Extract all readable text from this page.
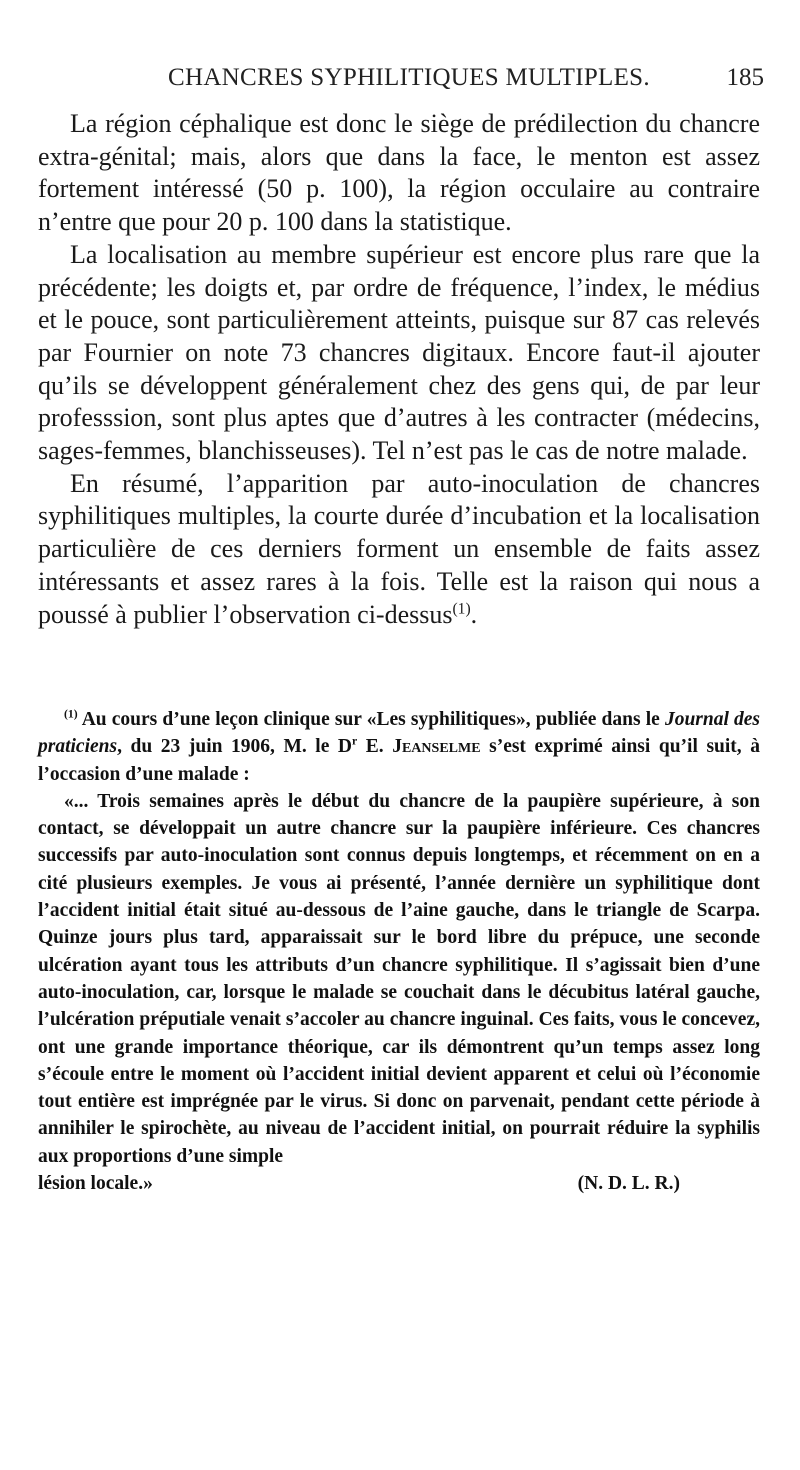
CHANCRES SYPHILITIQUES MULTIPLES.	185

La région céphalique est donc le siège de prédilection du chancre extra-génital; mais, alors que dans la face, le menton est assez fortement intéressé (50 p. 100), la région occulaire au contraire n’entre que pour 20 p. 100 dans la statistique.

La localisation au membre supérieur est encore plus rare que la précédente; les doigts et, par ordre de fréquence, l’index, le médius et le pouce, sont particulièrement atteints, puisque sur 87 cas relevés par Fournier on note 73 chancres digitaux. Encore faut-il ajouter qu’ils se développent généralement chez des gens qui, de par leur professsion, sont plus aptes que d’autres à les contracter (médecins, sages-femmes, blanchisseuses). Tel n’est pas le cas de notre malade.

En résumé, l’apparition par auto-inoculation de chancres syphilitiques multiples, la courte durée d’incubation et la localisation particulière de ces derniers forment un ensemble de faits assez intéressants et assez rares à la fois. Telle est la raison qui nous a poussé à publier l’observation ci-dessus$^{(1)}$.

$^{(1)}$ Au cours d’une leçon clinique sur «Les syphilitiques», publiée dans le Journal des praticiens, du 23 juin 1906, M. le $D^r$ E. Jeanselme s’est exprimé ainsi qu’il suit, à l’occasion d’une malade :

«... Trois semaines après le début du chancre de la paupière supérieure, à son contact, se développait un autre chancre sur la paupière inférieure. Ces chancres successifs par auto-inoculation sont connus depuis longtemps, et récemment on en a cité plusieurs exemples. Je vous ai présenté, l’année dernière un syphilitique dont l’accident initial était situé au-dessous de l’aine gauche, dans le triangle de Scarpa. Quinze jours plus tard, apparaissait sur le bord libre du prépuce, une seconde ulcération ayant tous les attributs d’un chancre syphilitique. Il s’agissait bien d’une auto-inoculation, car, lorsque le malade se couchait dans le décubitus latéral gauche, l’ulcération préputiale venait s’accoler au chancre inguinal. Ces faits, vous le concevez, ont une grande importance théorique, car ils démontrent qu’un temps assez long s’écoule entre le moment où l’accident initial devient apparent et celui où l’économie tout entière est imprégnée par le virus. Si donc on parvenait, pendant cette période à annihiler le spirochète, au niveau de l’accident initial, on pourrait réduire la syphilis aux proportions d’une simple

lésion locale.»	(N. D. L. R.)
